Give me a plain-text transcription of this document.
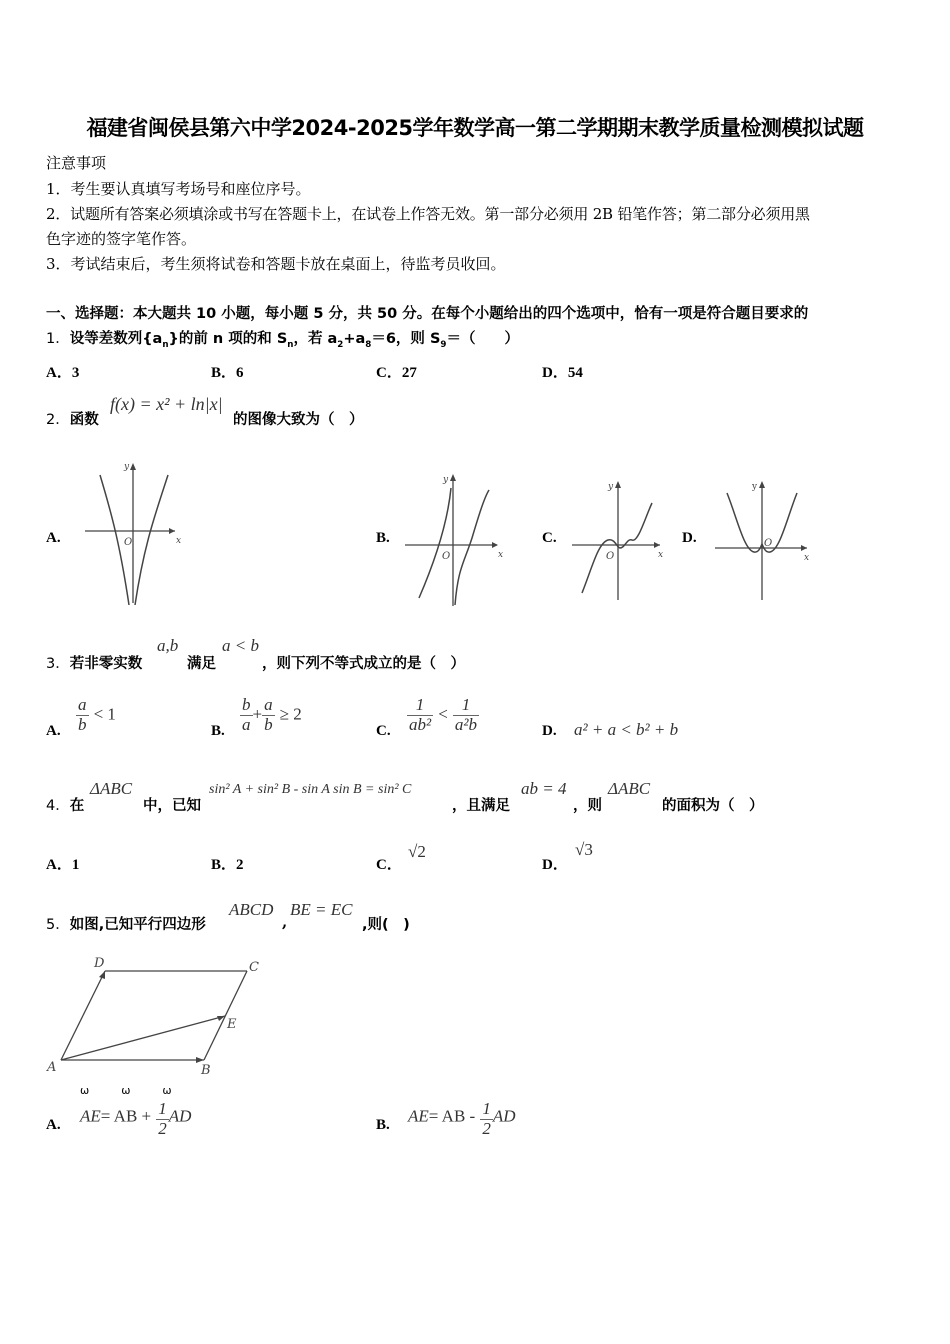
福建省闽侯县第六中学2024-2025学年数学高一第二学期期末教学质量检测模拟试题
注意事项
1．考生要认真填写考场号和座位序号。
2．试题所有答案必须填涂或书写在答题卡上，在试卷上作答无效。第一部分必须用 2B 铅笔作答；第二部分必须用黑
色字迹的签字笔作答。
3．考试结束后，考生须将试卷和答题卡放在桌面上，待监考员收回。
一、选择题：本大题共 10 小题，每小题 5 分，共 50 分。在每个小题给出的四个选项中，恰有一项是符合题目要求的
1．设等差数列$\{a_n\}$的前 n 项的和 $S_n$，若 $a_2+a_8=6$，则 $S_9=$（　　）
A．3	B．6	C．27	D．54
2．函数
f(x) = x² + ln|x|
的图像大致为（　）
A.
y
x
O	B.
y
x
O
C.
y
x
O
D.
y
x
O
3．若非零实数
a,b
满足
a < b
，则下列不等式成立的是（　）
A. $\frac{a}{b} < 1$
B. $\frac{b}{a} + \frac{a}{b} \ge 2$
C. $\frac{1}{\text{ab²}} < \frac{1}{\text{a²b}}$	D. a² + a < b² + b
4．在
ΔABC
中，已知
sin² A + sin² B - sin A sin B = sin² C
，且满足
ab = 4
，则
ΔABC
的面积为（　）
A．1	B．2	C．
√2
D．
√3
5．如图,已知平行四边形
ABCD
,
BE = EC
,则(　)
D	C
E
A	B
A.
ωωω
AE= AB + $\frac{1}{2}$ AD	B. AE= AB - $\frac{1}{2}$ AD
